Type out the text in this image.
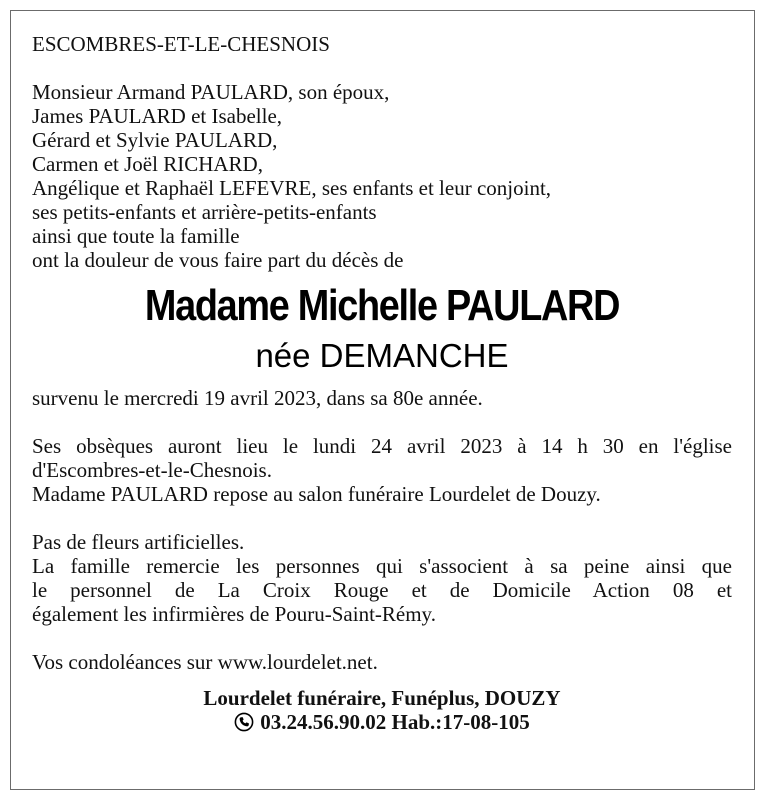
ESCOMBRES-ET-LE-CHESNOIS
Monsieur Armand PAULARD, son époux,
James PAULARD et Isabelle,
Gérard et Sylvie PAULARD,
Carmen et Joël RICHARD,
Angélique et Raphaël LEFEVRE, ses enfants et leur conjoint,
ses petits-enfants et arrière-petits-enfants
ainsi que toute la famille
ont la douleur de vous faire part du décès de
Madame Michelle PAULARD
née DEMANCHE
survenu le mercredi 19 avril 2023, dans sa 80e année.
Ses obsèques auront lieu le lundi 24 avril 2023 à 14 h 30 en l'église
d'Escombres-et-le-Chesnois.
Madame PAULARD repose au salon funéraire Lourdelet de Douzy.
Pas de fleurs artificielles.
La famille remercie les personnes qui s'associent à sa peine ainsi que
le personnel de La Croix Rouge et de Domicile Action 08 et
également les infirmières de Pouru-Saint-Rémy.
Vos condoléances sur www.lourdelet.net.
Lourdelet funéraire, Funéplus, DOUZY
03.24.56.90.02 Hab.:17-08-105
